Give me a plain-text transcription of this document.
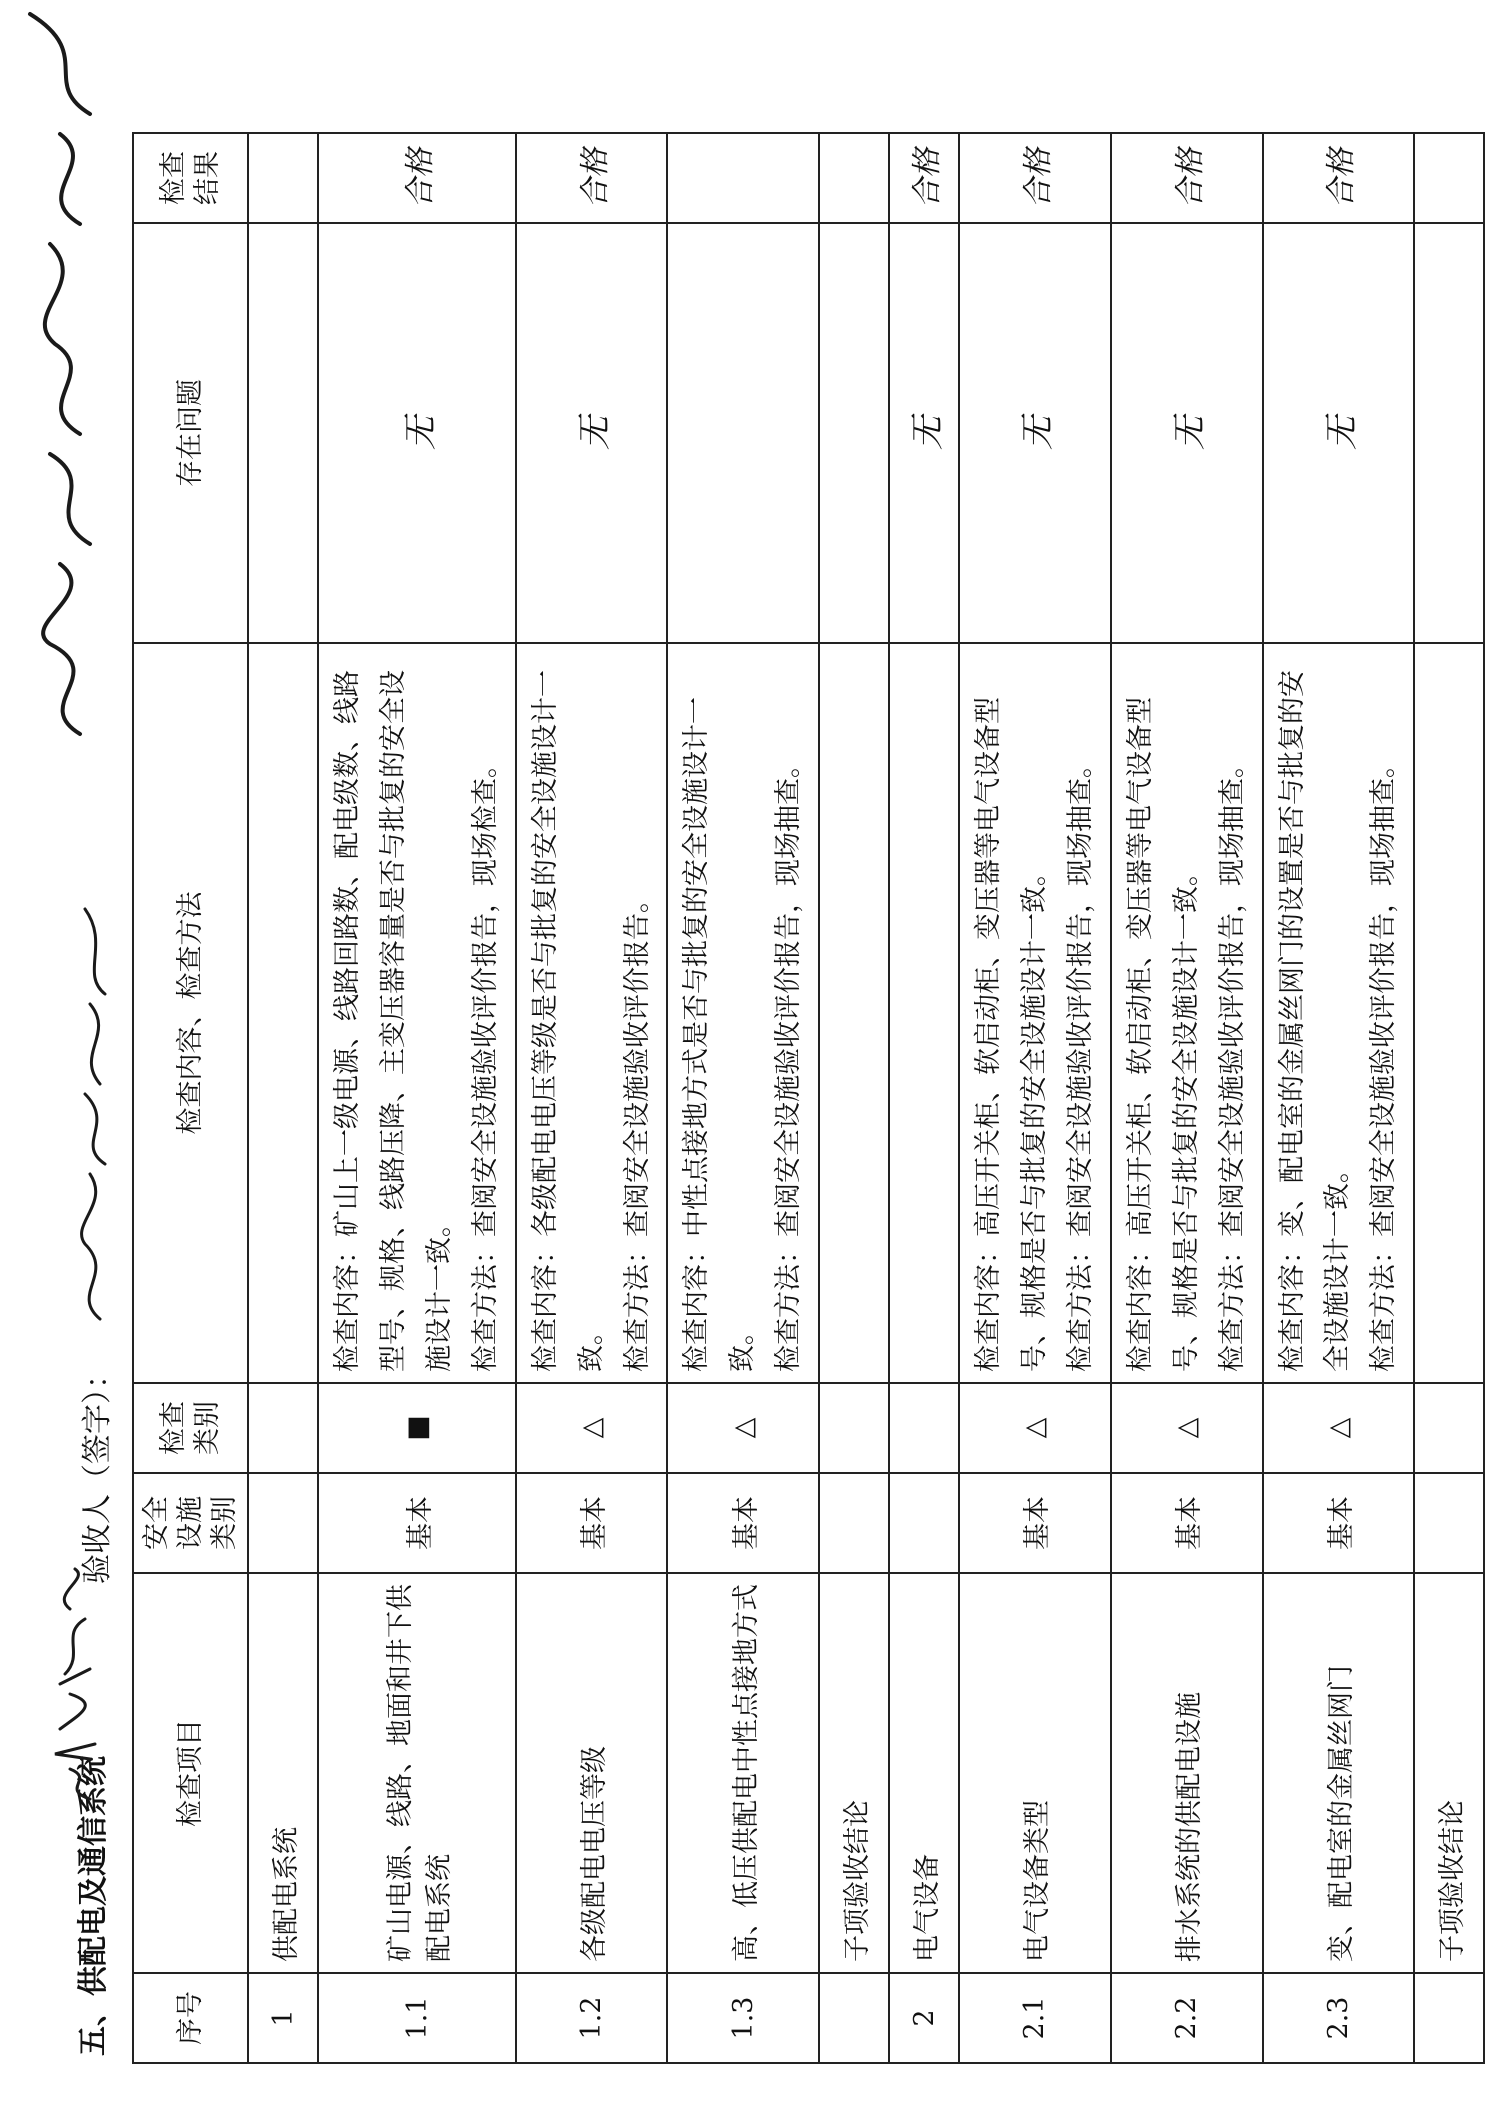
五、供配电及通信系统
验收人（签字）：
序号	检查项目	安全设施类别	检查类别	检查内容、检查方法	存在问题	检查结果
1	供配电系统					
1.1	矿山电源、线路、地面和井下供配电系统	基本	■	检查内容：矿山上一级电源、线路回路数、配电级数、线路型号、规格、线路压降、主变压器容量是否与批复的安全设施设计一致。 检查方法：查阅安全设施验收评价报告，现场检查。	无	合格
1.2	各级配电电压等级	基本	△	检查内容：各级配电电压等级是否与批复的安全设施设计一致。 检查方法：查阅安全设施验收评价报告。	无	合格
1.3	高、低压供配电中性点接地方式	基本	△	检查内容：中性点接地方式是否与批复的安全设施设计一致。 检查方法：查阅安全设施验收评价报告，现场抽查。		

	子项验收结论					
2	电气设备				无	合格
2.1	电气设备类型	基本	△	检查内容：高压开关柜、软启动柜、变压器等电气设备型号、规格是否与批复的安全设施设计一致。 检查方法：查阅安全设施验收评价报告，现场抽查。	无	合格
2.2	排水系统的供配电设施	基本	△	检查内容：高压开关柜、软启动柜、变压器等电气设备型号、规格是否与批复的安全设施设计一致。 检查方法：查阅安全设施验收评价报告，现场抽查。	无	合格
2.3	变、配电室的金属丝网门	基本	△	检查内容：变、配电室的金属丝网门的设置是否与批复的安全设施设计一致。 检查方法：查阅安全设施验收评价报告，现场抽查。	无	合格
	子项验收结论					
